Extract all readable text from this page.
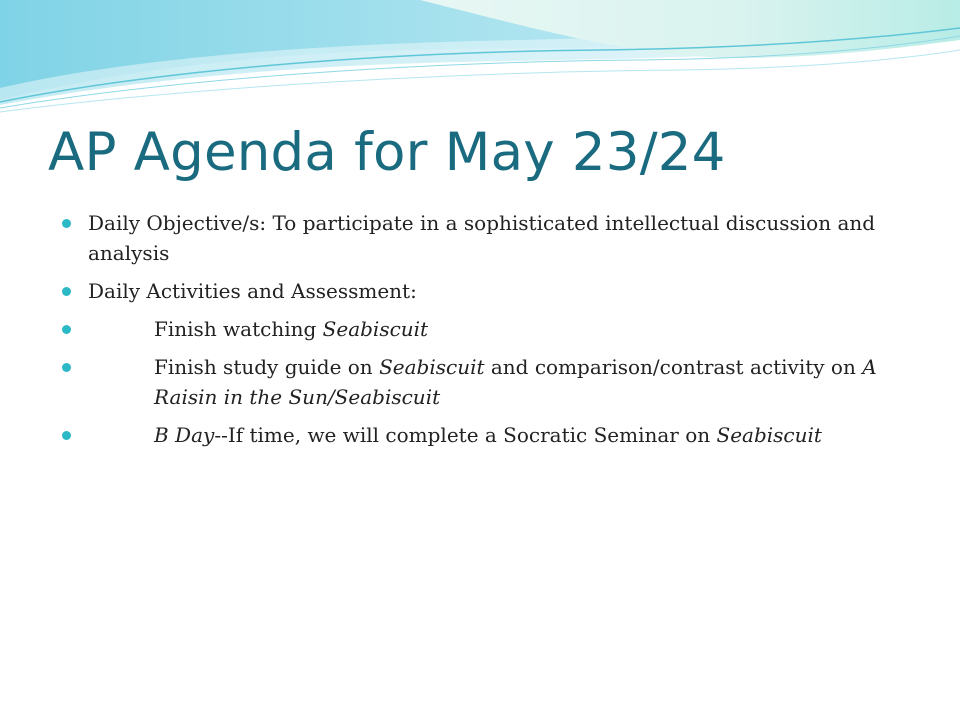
AP Agenda for May 23/24
Daily Objective/s: To participate in a sophisticated intellectual discussion and analysis
Daily Activities and Assessment:
Finish watching Seabiscuit
Finish study guide on Seabiscuit and comparison/contrast activity on A Raisin in the Sun/Seabiscuit
B Day--If time, we will complete a Socratic Seminar on Seabiscuit
